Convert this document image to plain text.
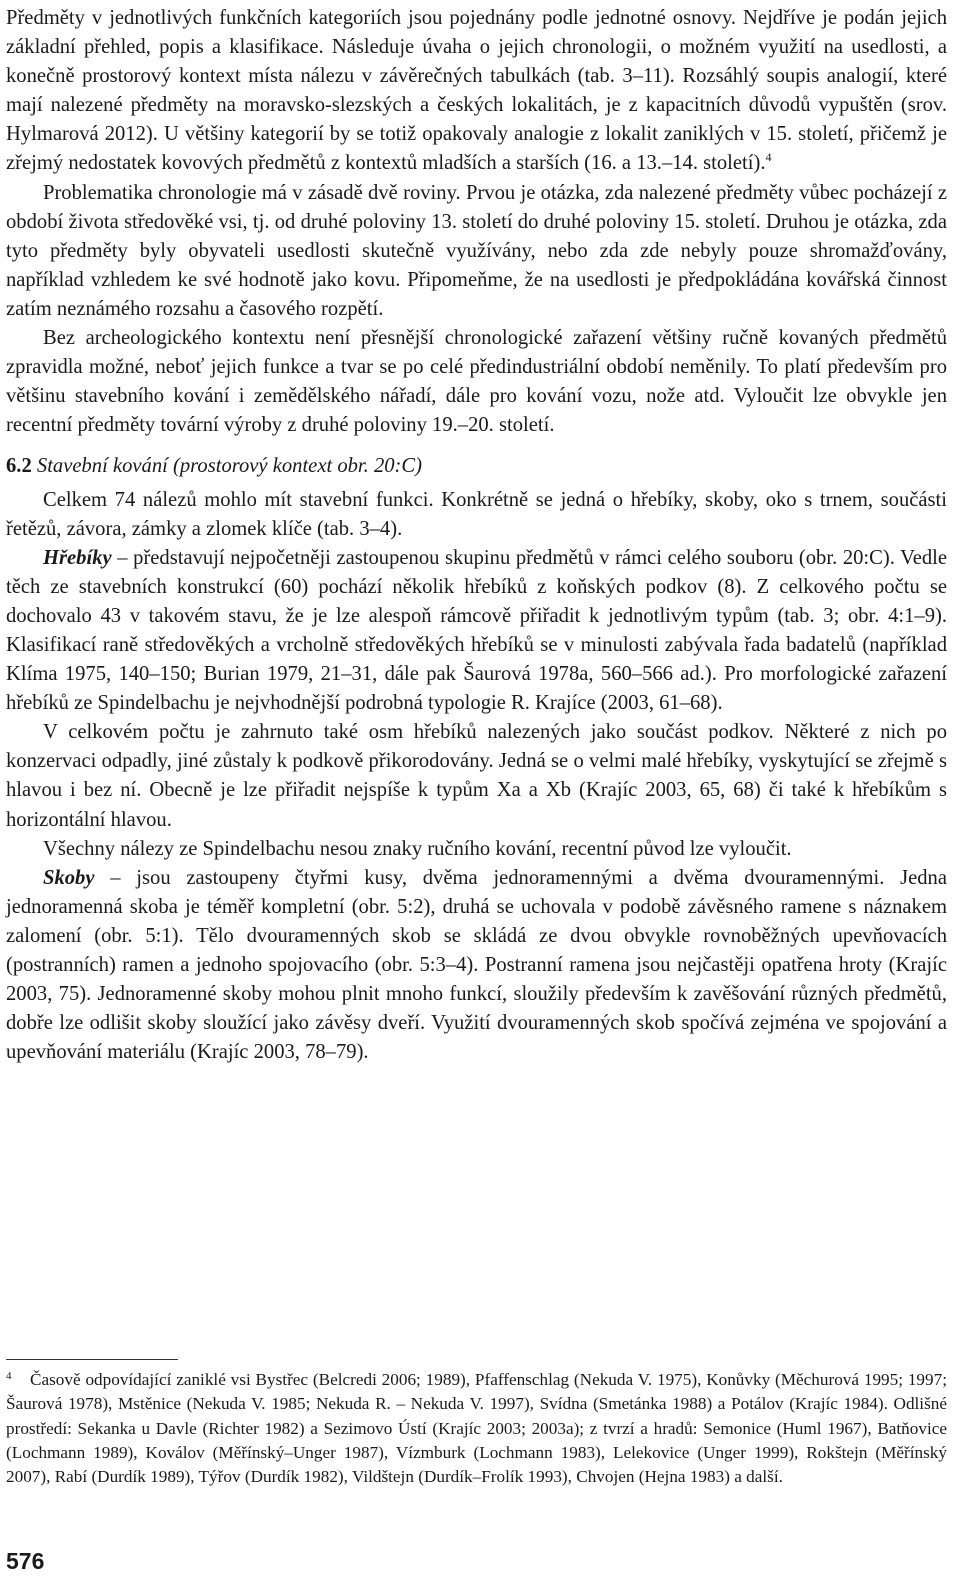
Předměty v jednotlivých funkčních kategoriích jsou pojednány podle jednotné osnovy. Nejdříve je podán jejich základní přehled, popis a klasifikace. Následuje úvaha o jejich chronologii, o možném využití na usedlosti, a konečně prostorový kontext místa nálezu v závěrečných tabulkách (tab. 3–11). Rozsáhlý soupis analogií, které mají nalezené předměty na moravsko-slezských a českých lokalitách, je z kapacitních důvodů vypuštěn (srov. Hylmarová 2012). U většiny kategorií by se totiž opakovaly analogie z lokalit zaniklých v 15. století, přičemž je zřejmý nedostatek kovových předmětů z kontextů mladších a starších (16. a 13.–14. století).$^4$

Problematika chronologie má v zásadě dvě roviny. Prvou je otázka, zda nalezené předměty vůbec pocházejí z období života středověké vsi, tj. od druhé poloviny 13. století do druhé poloviny 15. století. Druhou je otázka, zda tyto předměty byly obyvateli usedlosti skutečně využívány, nebo zda zde nebyly pouze shromažďovány, například vzhledem ke své hodnotě jako kovu. Připomeňme, že na usedlosti je předpokládána kovářská činnost zatím neznámého rozsahu a časového rozpětí.

Bez archeologického kontextu není přesnější chronologické zařazení většiny ručně kovaných předmětů zpravidla možné, neboť jejich funkce a tvar se po celé předindustriální období neměnily. To platí především pro většinu stavebního kování i zemědělského nářadí, dále pro kování vozu, nože atd. Vyloučit lze obvykle jen recentní předměty tovární výroby z druhé poloviny 19.–20. století.

6.2 Stavební kování (prostorový kontext obr. 20:C)

Celkem 74 nálezů mohlo mít stavební funkci. Konkrétně se jedná o hřebíky, skoby, oko s trnem, součásti řetězů, závora, zámky a zlomek klíče (tab. 3–4).

Hřebíky – představují nejpočetněji zastoupenou skupinu předmětů v rámci celého souboru (obr. 20:C). Vedle těch ze stavebních konstrukcí (60) pochází několik hřebíků z koňských podkov (8). Z celkového počtu se dochovalo 43 v takovém stavu, že je lze alespoň rámcově přiřadit k jednotlivým typům (tab. 3; obr. 4:1–9). Klasifikací raně středověkých a vrcholně středověkých hřebíků se v minulosti zabývala řada badatelů (například Klíma 1975, 140–150; Burian 1979, 21–31, dále pak Šaurová 1978a, 560–566 ad.). Pro morfologické zařazení hřebíků ze Spindelbachu je nejvhodnější podrobná typologie R. Krajíce (2003, 61–68).

V celkovém počtu je zahrnuto také osm hřebíků nalezených jako součást podkov. Některé z nich po konzervaci odpadly, jiné zůstaly k podkově přikorodovány. Jedná se o velmi malé hřebíky, vyskytující se zřejmě s hlavou i bez ní. Obecně je lze přiřadit nejspíše k typům Xa a Xb (Krajíc 2003, 65, 68) či také k hřebíkům s horizontální hlavou.

Všechny nálezy ze Spindelbachu nesou znaky ručního kování, recentní původ lze vyloučit.

Skoby – jsou zastoupeny čtyřmi kusy, dvěma jednoramennými a dvěma dvouramennými. Jedna jednoramenná skoba je téměř kompletní (obr. 5:2), druhá se uchovala v podobě závěsného ramene s náznakem zalomení (obr. 5:1). Tělo dvouramenných skob se skládá ze dvou obvykle rovnoběžných upevňovacích (postranních) ramen a jednoho spojovacího (obr. 5:3–4). Postranní ramena jsou nejčastěji opatřena hroty (Krajíc 2003, 75). Jednoramenné skoby mohou plnit mnoho funkcí, sloužily především k zavěšování různých předmětů, dobře lze odlišit skoby sloužící jako závěsy dveří. Využití dvouramenných skob spočívá zejména ve spojování a upevňování materiálu (Krajíc 2003, 78–79).

4 Časově odpovídající zaniklé vsi Bystřec (Belcredi 2006; 1989), Pfaffenschlag (Nekuda V. 1975), Konůvky (Měchurová 1995; 1997; Šaurová 1978), Mstěnice (Nekuda V. 1985; Nekuda R. – Nekuda V. 1997), Svídna (Smetánka 1988) a Potálov (Krajíc 1984). Odlišné prostředí: Sekanka u Davle (Richter 1982) a Sezimovo Ústí (Krajíc 2003; 2003a); z tvrzí a hradů: Semonice (Huml 1967), Batňovice (Lochmann 1989), Koválov (Měřínský–Unger 1987), Vízmburk (Lochmann 1983), Lelekovice (Unger 1999), Rokštejn (Měřínský 2007), Rabí (Durdík 1989), Týřov (Durdík 1982), Vildštejn (Durdík–Frolík 1993), Chvojen (Hejna 1983) a další.
576
